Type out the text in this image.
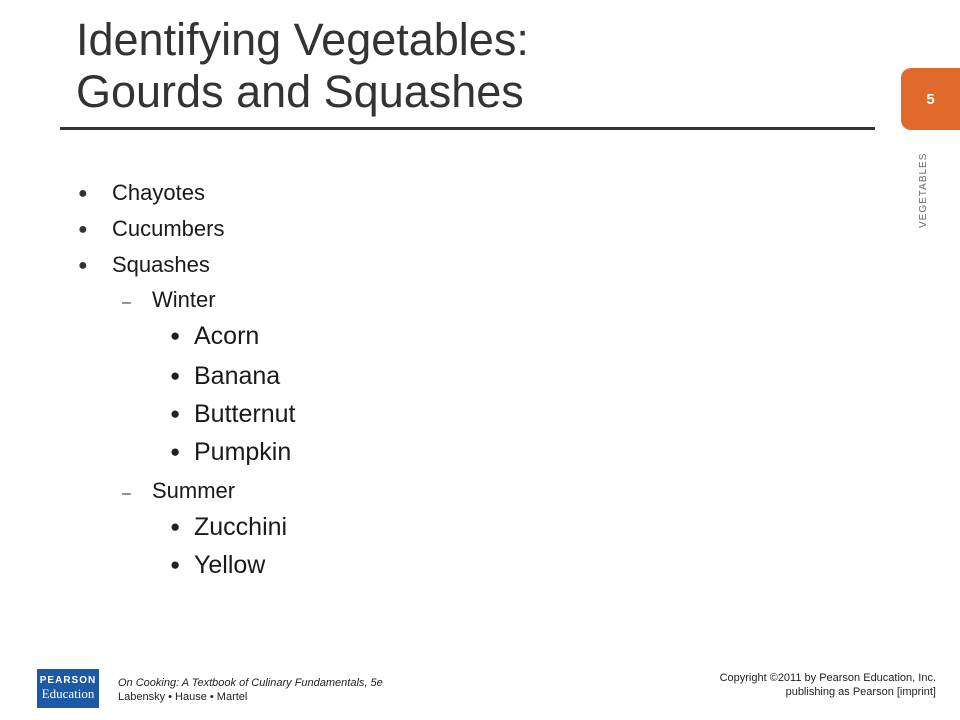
Identifying Vegetables:
Gourds and Squashes	5
VEGETABLES
● Chayotes
● Cucumbers
● Squashes
– Winter
● Acorn
● Banana
● Butternut
● Pumpkin
– Summer
● Zucchini
● Yellow
PEARSON
Education
On Cooking: A Textbook of Culinary Fundamentals, 5e
Labensky • Hause • Martel
Copyright ©2011 by Pearson Education, Inc.
publishing as Pearson [imprint]
